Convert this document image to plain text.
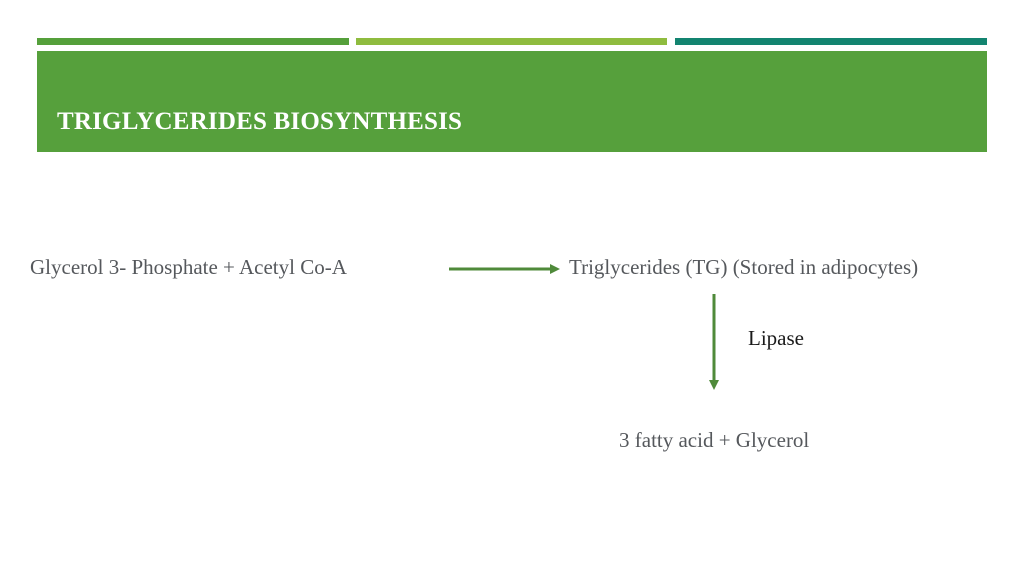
TRIGLYCERIDES BIOSYNTHESIS
Glycerol 3- Phosphate + Acetyl Co-A	Triglycerides (TG) (Stored in adipocytes)
Lipase
3 fatty acid + Glycerol
